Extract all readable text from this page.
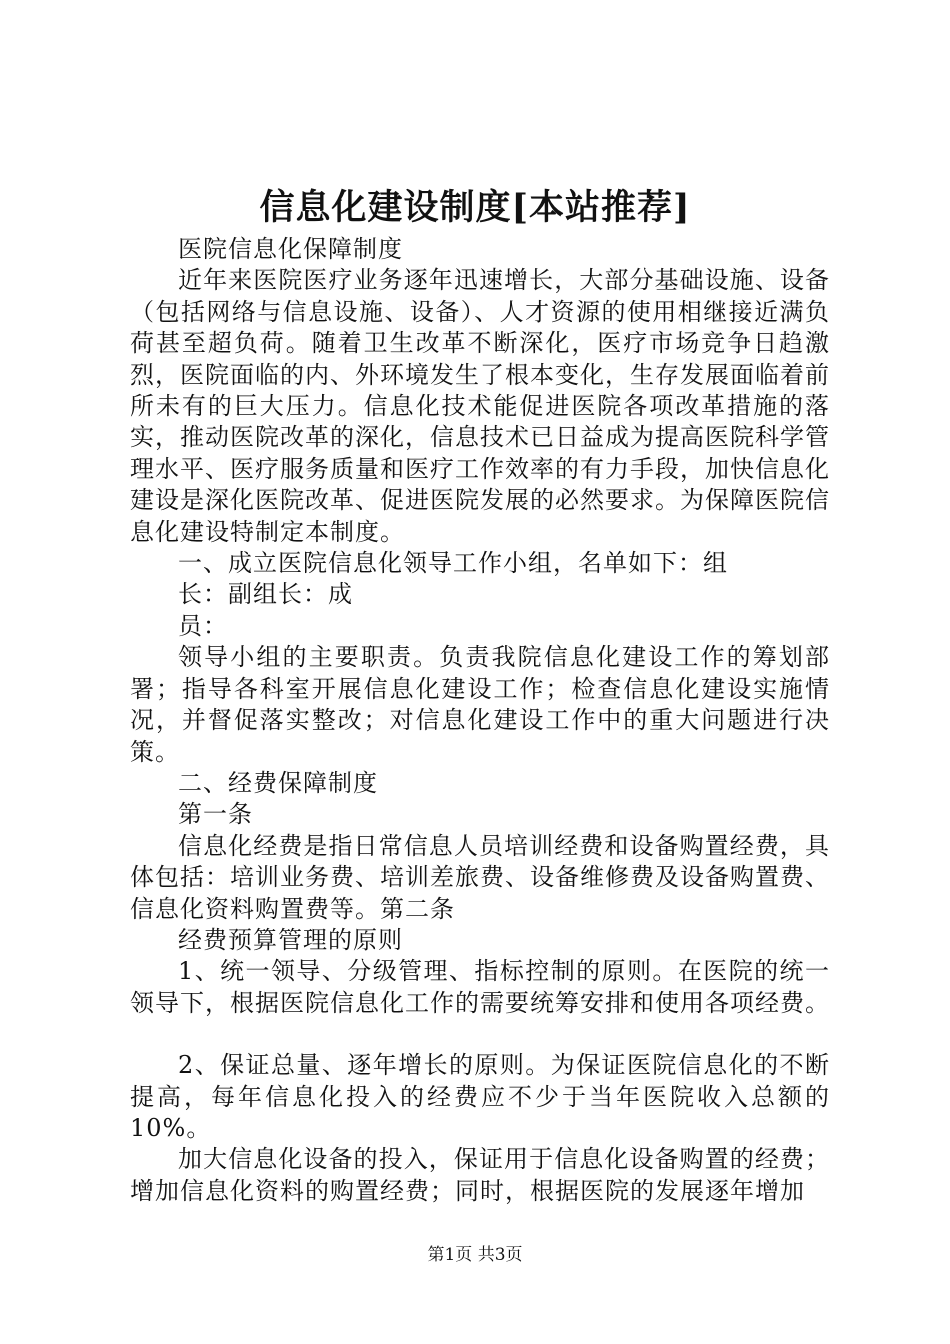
信息化建设制度[本站推荐]

医院信息化保障制度

近年来医院医疗业务逐年迅速增长，大部分基础设施、设备（包括网络与信息设施、设备）、人才资源的使用相继接近满负荷甚至超负荷。随着卫生改革不断深化，医疗市场竞争日趋激烈，医院面临的内、外环境发生了根本变化，生存发展面临着前所未有的巨大压力。信息化技术能促进医院各项改革措施的落实，推动医院改革的深化，信息技术已日益成为提高医院科学管理水平、医疗服务质量和医疗工作效率的有力手段，加快信息化建设是深化医院改革、促进医院发展的必然要求。为保障医院信息化建设特制定本制度。

一、成立医院信息化领导工作小组，名单如下：组

长：副组长：成

员：

领导小组的主要职责。负责我院信息化建设工作的筹划部署；指导各科室开展信息化建设工作；检查信息化建设实施情况，并督促落实整改；对信息化建设工作中的重大问题进行决策。

二、经费保障制度

第一条

信息化经费是指日常信息人员培训经费和设备购置经费，具体包括：培训业务费、培训差旅费、设备维修费及设备购置费、信息化资料购置费等。第二条

经费预算管理的原则

1、统一领导、分级管理、指标控制的原则。在医院的统一领导下，根据医院信息化工作的需要统筹安排和使用各项经费。

2、保证总量、逐年增长的原则。为保证医院信息化的不断提高，每年信息化投入的经费应不少于当年医院收入总额的10%。

加大信息化设备的投入，保证用于信息化设备购置的经费；增加信息化资料的购置经费；同时，根据医院的发展逐年增加

第1页 共3页
